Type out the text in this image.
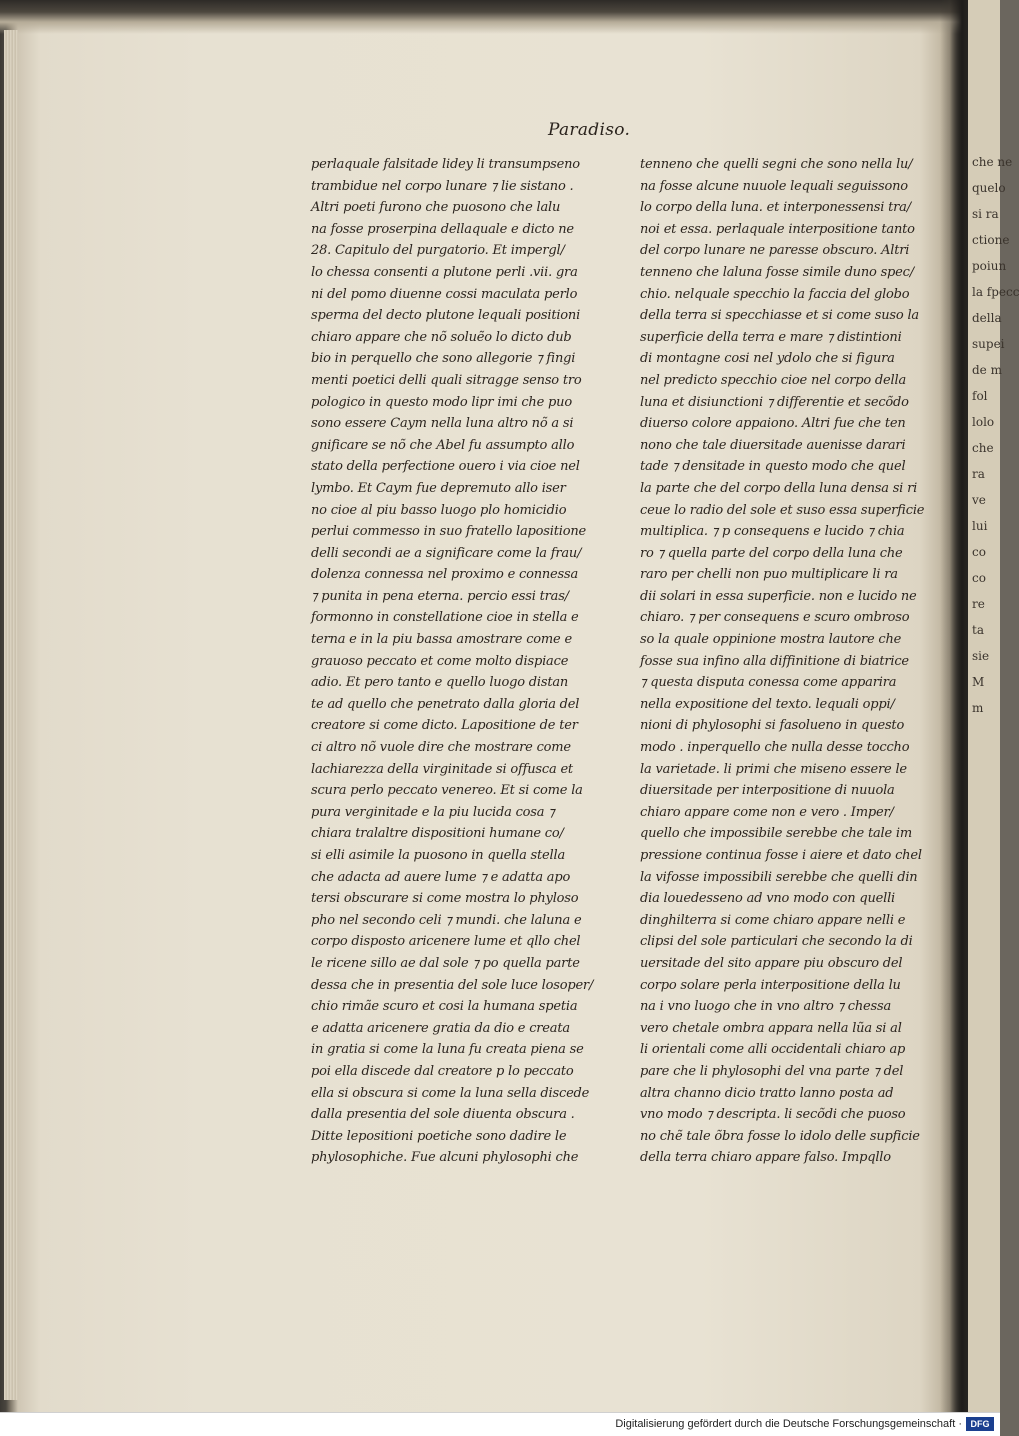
che ne
quelo
si ra
ctione
poiun
la fpecc
della
supei
de m
fol
lolo
che
ra
ve
lui
co
co
re
ta
sie
M
m
Paradiso.
perlaquale falsitade lidey li transumpseno
trambidue nel corpo lunare ⁊ lie sistano .
Altri poeti furono che puosono che lalu
na fosse proserpina dellaquale e dicto ne
28. Capitulo del purgatorio. Et impergl/
lo chessa consenti a plutone perli .vii. gra
ni del pomo diuenne cossi maculata perlo
sperma del decto plutone lequali positioni
chiaro appare che nõ soluẽo lo dicto dub
bio in perquello che sono allegorie ⁊ fingi
menti poetici delli quali sitragge senso tro
pologico in questo modo lipr imi che puo
sono essere Caym nella luna altro nõ a si
gnificare se nõ che Abel fu assumpto allo
stato della perfectione ouero i via cioe nel
lymbo. Et Caym fue depremuto allo iser
no cioe al piu basso luogo plo homicidio
perlui commesso in suo fratello lapositione
delli secondi ae a significare come la frau/
dolenza connessa nel proximo e connessa
⁊ punita in pena eterna. percio essi tras/
formonno in constellatione cioe in stella e
terna e in la piu bassa amostrare come e
grauoso peccato et come molto dispiace
adio. Et pero tanto e quello luogo distan
te ad quello che penetrato dalla gloria del
creatore si come dicto. Lapositione de ter
ci altro nõ vuole dire che mostrare come
lachiarezza della virginitade si offusca et
scura perlo peccato venereo. Et si come la
pura verginitade e la piu lucida cosa ⁊
chiara tralaltre dispositioni humane co/
si elli asimile la puosono in quella stella
che adacta ad auere lume ⁊ e adatta apo
tersi obscurare si come mostra lo phyloso
pho nel secondo celi ⁊ mundi. che laluna e
corpo disposto aricenere lume et qllo chel
le ricene sillo ae dal sole ⁊ po quella parte
dessa che in presentia del sole luce losoper/
chio rimãe scuro et cosi la humana spetia
e adatta aricenere gratia da dio e creata
in gratia si come la luna fu creata piena se
poi ella discede dal creatore p lo peccato
ella si obscura si come la luna sella discede
dalla presentia del sole diuenta obscura .
Ditte lepositioni poetiche sono dadire le
phylosophiche. Fue alcuni phylosophi che
tenneno che quelli segni che sono nella lu/
na fosse alcune nuuole lequali seguissono
lo corpo della luna. et interponessensi tra/
noi et essa. perlaquale interpositione tanto
del corpo lunare ne paresse obscuro. Altri
tenneno che laluna fosse simile duno spec/
chio. nelquale specchio la faccia del globo
della terra si specchiasse et si come suso la
superficie della terra e mare ⁊ distintioni
di montagne cosi nel ydolo che si figura
nel predicto specchio cioe nel corpo della
luna et disiunctioni ⁊ differentie et secõdo
diuerso colore appaiono. Altri fue che ten
nono che tale diuersitade auenisse darari
tade ⁊ densitade in questo modo che quel
la parte che del corpo della luna densa si ri
ceue lo radio del sole et suso essa superficie
multiplica. ⁊ p consequens e lucido ⁊ chia
ro ⁊ quella parte del corpo della luna che
raro per chelli non puo multiplicare li ra
dii solari in essa superficie. non e lucido ne
chiaro. ⁊ per consequens e scuro ombroso
so la quale oppinione mostra lautore che
fosse sua infino alla diffinitione di biatrice
⁊ questa disputa conessa come apparira
nella expositione del texto. lequali oppi/
nioni di phylosophi si fasolueno in questo
modo . inperquello che nulla desse toccho
la varietade. li primi che miseno essere le
diuersitade per interpositione di nuuola
chiaro appare come non e vero . Imper/
quello che impossibile serebbe che tale im
pressione continua fosse i aiere et dato chel
la vifosse impossibili serebbe che quelli din
dia louedesseno ad vno modo con quelli
dinghilterra si come chiaro appare nelli e
clipsi del sole particulari che secondo la di
uersitade del sito appare piu obscuro del
corpo solare perla interpositione della lu
na i vno luogo che in vno altro ⁊ chessa
vero chetale ombra appara nella lũa si al
li orientali come alli occidentali chiaro ap
pare che li phylosophi del vna parte ⁊ del
altra channo dicio tratto lanno posta ad
vno modo ⁊ descripta. li secõdi che puoso
no chẽ tale õbra fosse lo idolo delle supficie
della terra chiaro appare falso. Impqllo
Digitalisierung gefördert durch die Deutsche Forschungsgemeinschaft · DFG
